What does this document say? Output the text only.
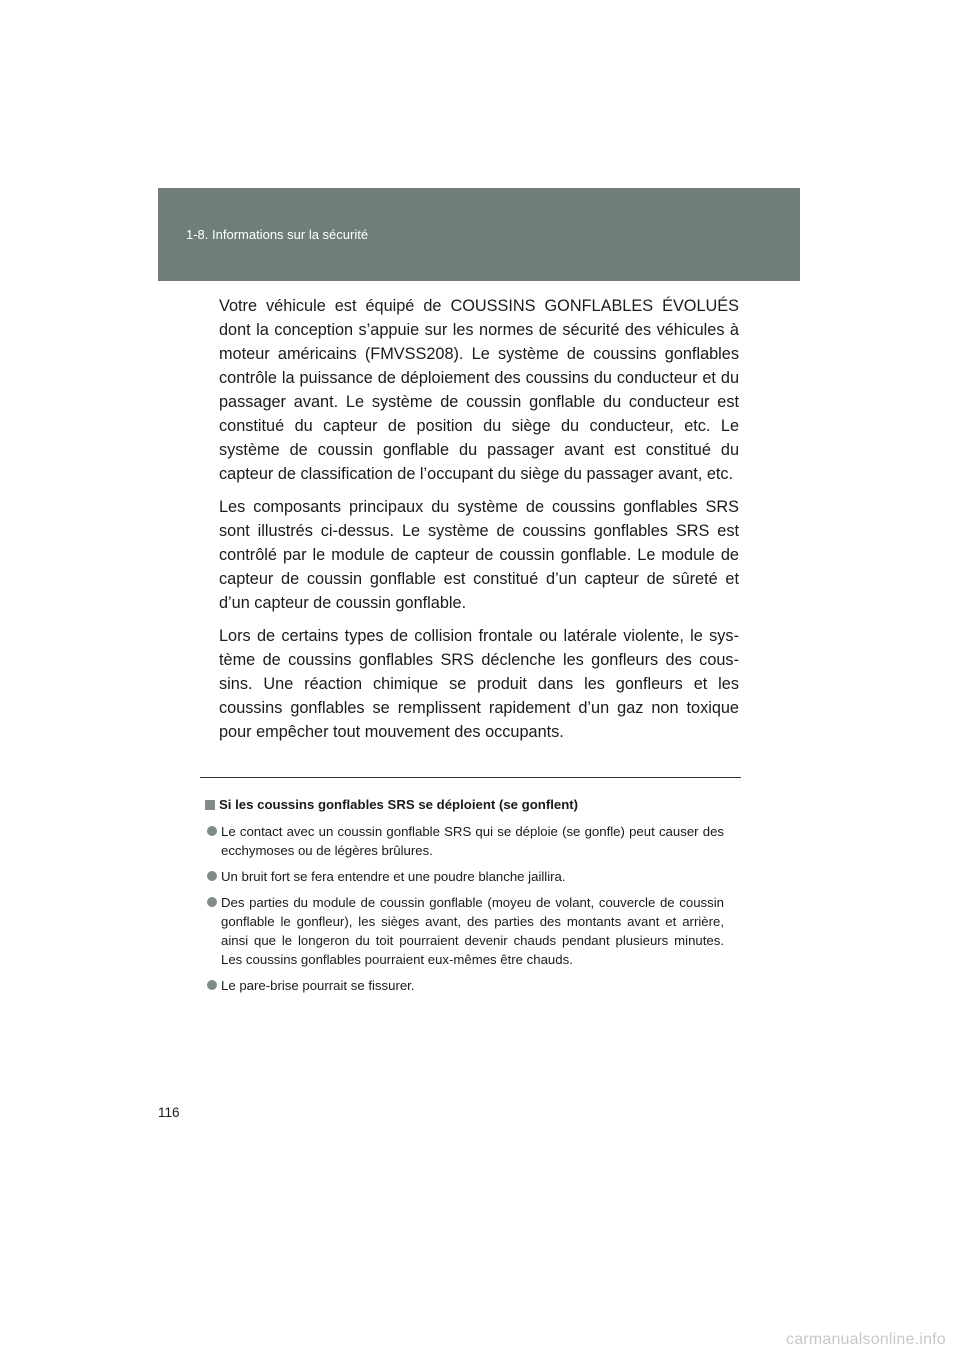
1-8. Informations sur la sécurité

Votre véhicule est équipé de COUSSINS GONFLABLES ÉVOLUÉS dont la conception s’appuie sur les normes de sécurité des véhicules à moteur américains (FMVSS208). Le système de coussins gonflables contrôle la puissance de déploiement des coussins du conducteur et du passager avant. Le système de coussin gonflable du conducteur est constitué du capteur de position du siège du conducteur, etc. Le système de coussin gonflable du passager avant est constitué du capteur de classification de l’occupant du siège du passager avant, etc.

Les composants principaux du système de coussins gonflables SRS sont illustrés ci-dessus. Le système de coussins gonflables SRS est contrôlé par le module de capteur de coussin gonflable. Le module de capteur de coussin gonflable est constitué d’un capteur de sûreté et d’un capteur de coussin gonflable.

Lors de certains types de collision frontale ou latérale violente, le système de coussins gonflables SRS déclenche les gonfleurs des coussins. Une réaction chimique se produit dans les gonfleurs et les coussins gonflables se remplissent rapidement d’un gaz non toxique pour empêcher tout mouvement des occupants.

Si les coussins gonflables SRS se déploient (se gonflent)
Le contact avec un coussin gonflable SRS qui se déploie (se gonfle) peut causer des ecchymoses ou de légères brûlures.
Un bruit fort se fera entendre et une poudre blanche jaillira.
Des parties du module de coussin gonflable (moyeu de volant, couvercle de coussin gonflable le gonfleur), les sièges avant, des parties des montants avant et arrière, ainsi que le longeron du toit pourraient devenir chauds pendant plusieurs minutes. Les coussins gonflables pourraient eux-mêmes être chauds.
Le pare-brise pourrait se fissurer.
116
carmanualsonline.info
